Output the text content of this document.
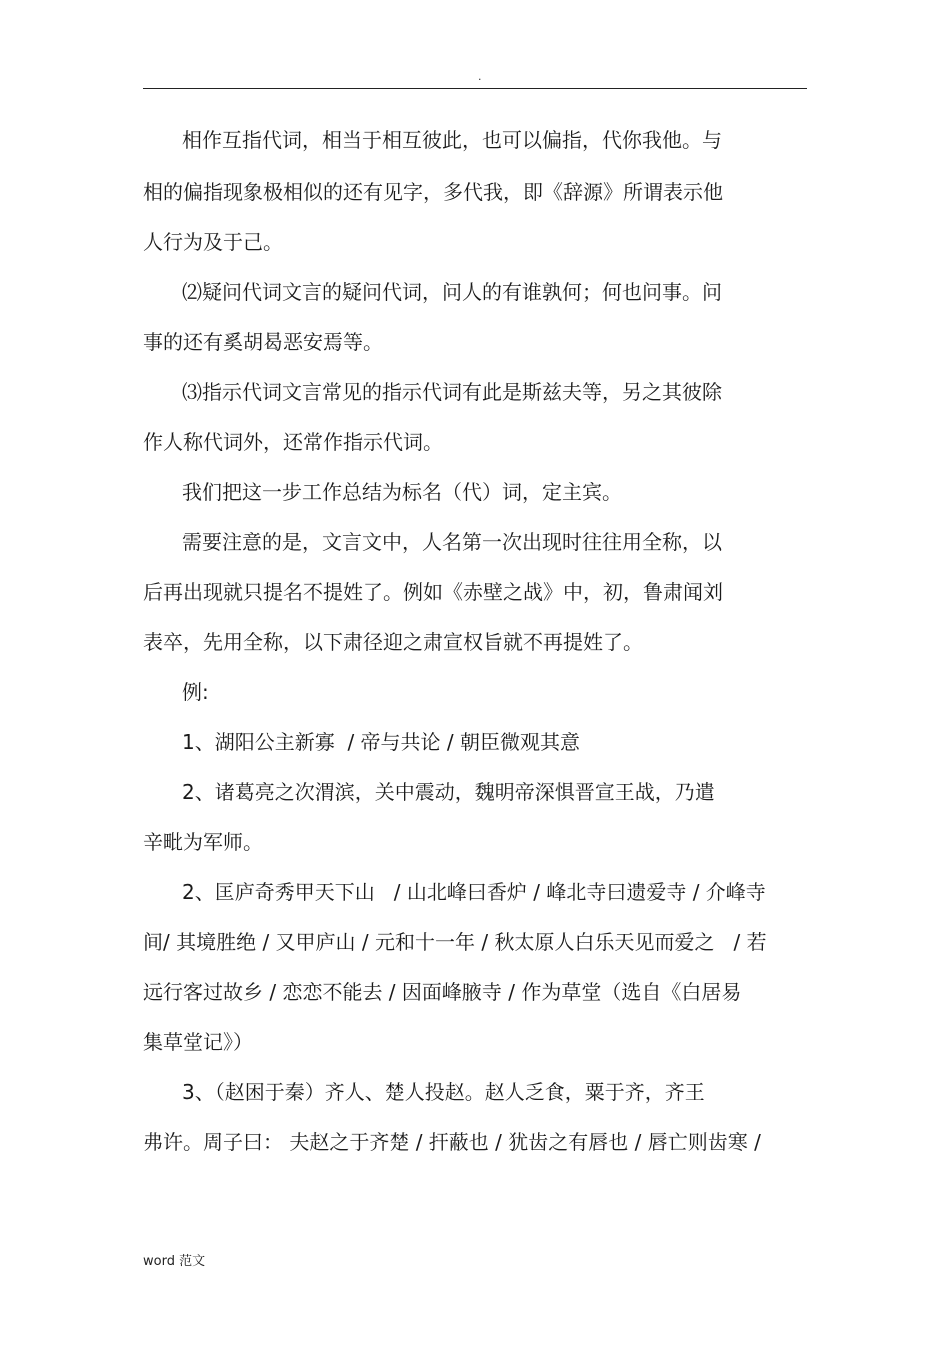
.
相作互指代词，相当于相互彼此，也可以偏指，代你我他。与
相的偏指现象极相似的还有见字，多代我，即《辞源》所谓表示他
人行为及于己。
⑵疑问代词文言的疑问代词，问人的有谁孰何；何也问事。问
事的还有奚胡曷恶安焉等。
⑶指示代词文言常见的指示代词有此是斯兹夫等，另之其彼除
作人称代词外，还常作指示代词。
我们把这一步工作总结为标名（代）词，定主宾。
需要注意的是，文言文中，人名第一次出现时往往用全称，以
后再出现就只提名不提姓了。例如《赤壁之战》中，初，鲁肃闻刘
表卒，先用全称，以下肃径迎之肃宣权旨就不再提姓了。
例:
1、湖阳公主新寡  / 帝与共论 / 朝臣微观其意
2、诸葛亮之次渭滨，关中震动，魏明帝深惧晋宣王战，乃遣
辛毗为军师。
2、匡庐奇秀甲天下山   / 山北峰曰香炉 / 峰北寺曰遗爱寺 / 介峰寺
间/ 其境胜绝 / 又甲庐山 / 元和十一年 / 秋太原人白乐天见而爱之   / 若
远行客过故乡 / 恋恋不能去 / 因面峰腋寺 / 作为草堂（选自《白居易
集草堂记》）
3、（赵困于秦）齐人、楚人投赵。赵人乏食，粟于齐，齐王
弗许。周子曰： 夫赵之于齐楚 / 扞蔽也 / 犹齿之有唇也 / 唇亡则齿寒 /
word 范文
